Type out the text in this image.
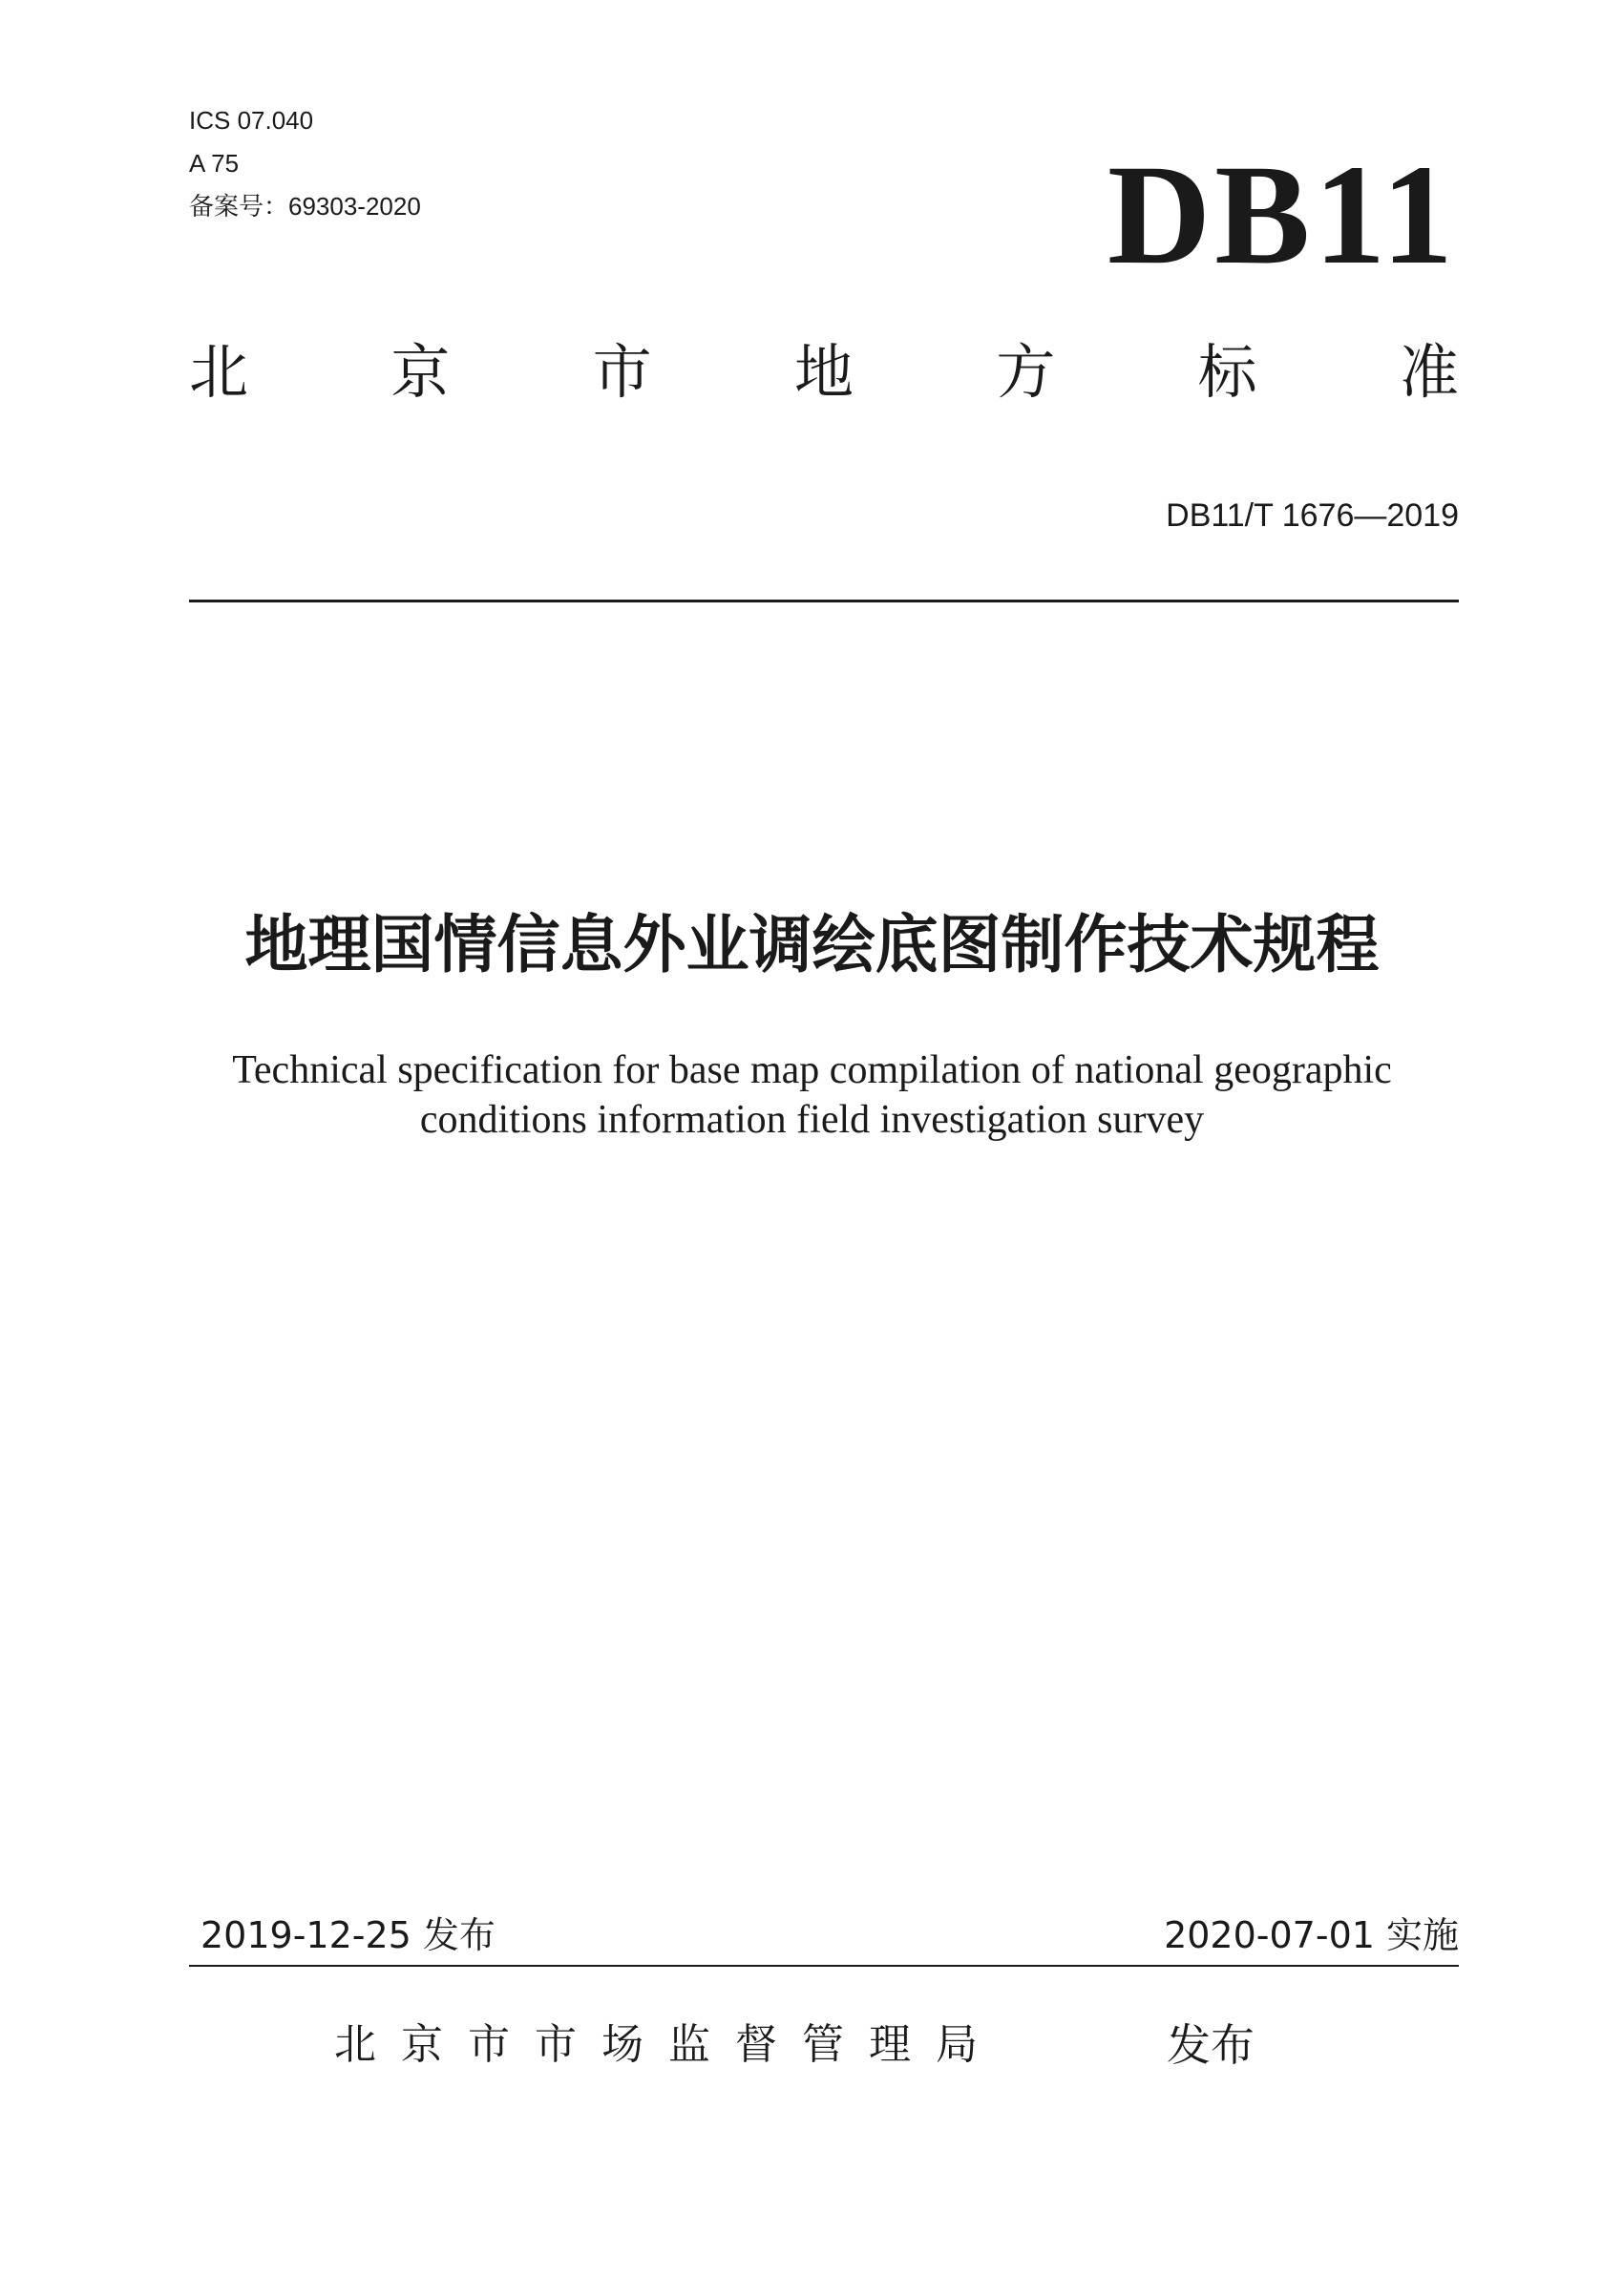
ICS 07.040
A 75
备案号：69303-2020	DB11
北 京 市 地 方 标 准
DB11/T 1676—2019
地理国情信息外业调绘底图制作技术规程
Technical specification for base map compilation of national geographic
conditions information field investigation survey
2019-12-25 发布	2020-07-01 实施
北京市市场监督管理局	发布
